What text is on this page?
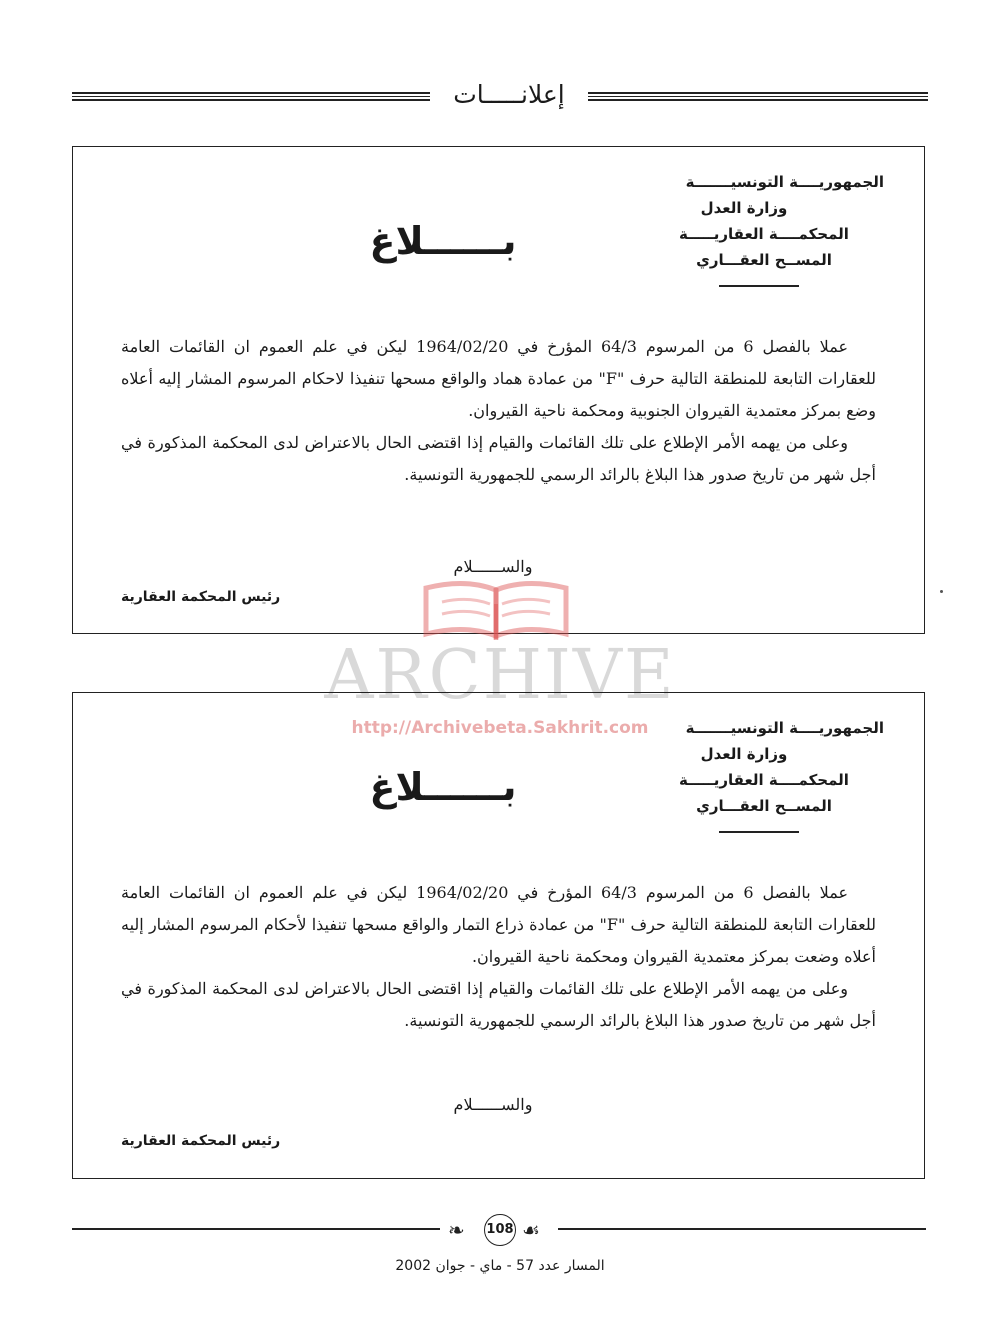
إعلانـــــات
الجمهوريــــة التونسيـــــــة
وزارة العدل
المحكمــــة العقاريـــــة
المســح العقـــاري
بــــــلاغ

عملا بالفصل 6 من المرسوم 64/3 المؤرخ في 1964/02/20 ليكن في علم العموم ان القائمات العامة للعقارات التابعة للمنطقة التالية حرف "F" من عمادة هماد والواقع مسحها تنفيذا لاحكام المرسوم المشار إليه أعلاه وضع بمركز معتمدية القيروان الجنوبية ومحكمة ناحية القيروان.

وعلى من يهمه الأمر الإطلاع على تلك القائمات والقيام إذا اقتضى الحال بالاعتراض لدى المحكمة المذكورة في أجل شهر من تاريخ صدور هذا البلاغ بالرائد الرسمي للجمهورية التونسية.

والســــــلام
رئيس المحكمة العقارية
ARCHIVE
http://Archivebeta.Sakhrit.com	الجمهوريــــة التونسيـــــــة
وزارة العدل
المحكمــــة العقاريـــــة
المســح العقـــاري
بــــــلاغ

عملا بالفصل 6 من المرسوم 64/3 المؤرخ في 1964/02/20 ليكن في علم العموم ان القائمات العامة للعقارات التابعة للمنطقة التالية حرف "F" من عمادة ذراع التمار والواقع مسحها تنفيذا لأحكام المرسوم المشار إليه أعلاه وضعت بمركز معتمدية القيروان ومحكمة ناحية القيروان.

وعلى من يهمه الأمر الإطلاع على تلك القائمات والقيام إذا اقتضى الحال بالاعتراض لدى المحكمة المذكورة في أجل شهر من تاريخ صدور هذا البلاغ بالرائد الرسمي للجمهورية التونسية.

والســــــلام
رئيس المحكمة العقارية
❧ 108 ☙
المسار عدد 57 - ماي - جوان 2002
